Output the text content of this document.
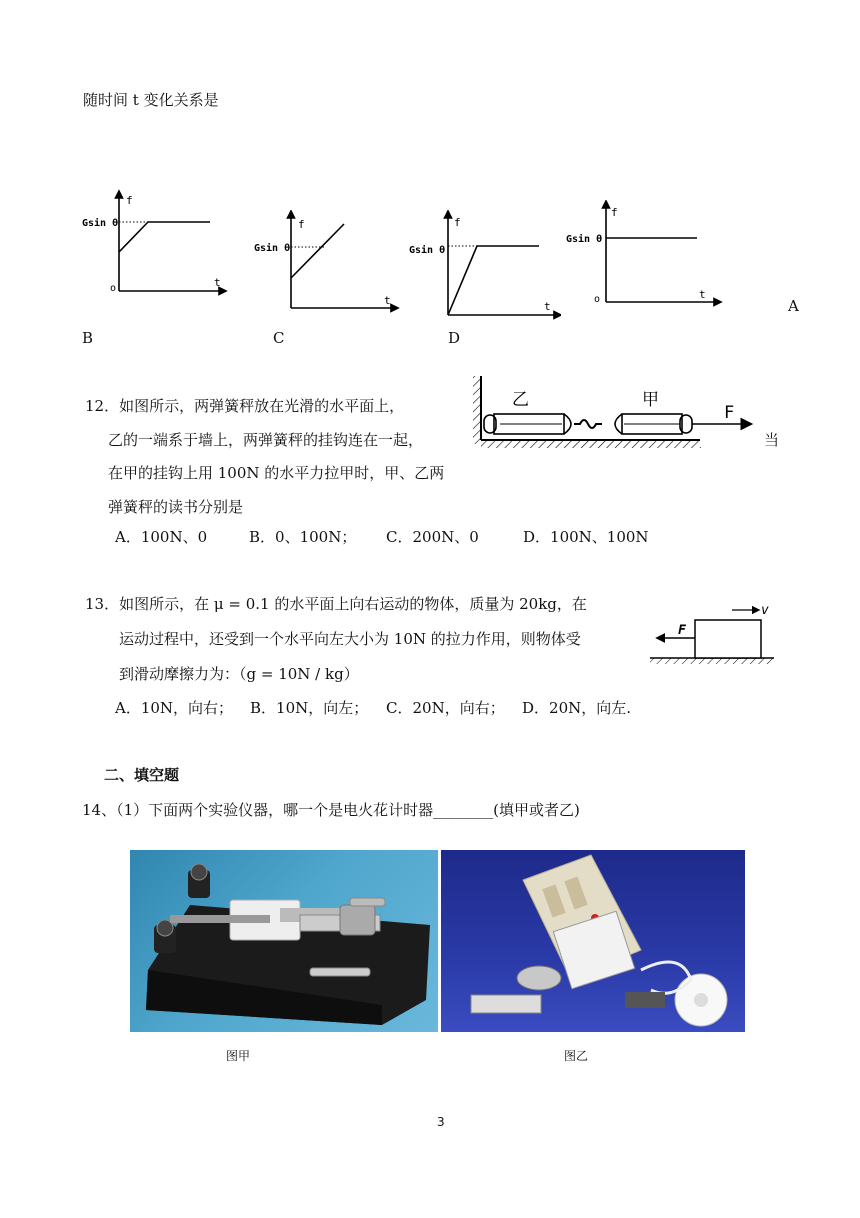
随时间 t 变化关系是
f
t
o
Gsin θ	f
t
Gsin θ
f
t
Gsin θ
f
t
o
Gsin θ
B	C	D
A
12．如图所示，两弹簧秤放在光滑的水平面上，
乙的一端系于墙上，两弹簧秤的挂钩连在一起，	当
在甲的挂钩上用 100N 的水平力拉甲时，甲、乙两
弹簧秤的读书分别是
A．100N、0	B．0、100N； C．200N、0	D．100N、100N
乙	甲
F
13．如图所示，在 μ = 0.1 的水平面上向右运动的物体，质量为 20kg，在
运动过程中，还受到一个水平向左大小为 10N 的拉力作用，则物体受
到滑动摩擦力为：（g = 10N / kg）
A．10N，向右； B．10N，向左； C．20N，向右； D．20N，向左.
F
v
二、填空题
14、（1）下面两个实验仪器，哪一个是电火花计时器________(填甲或者乙)
图甲	图乙
3
